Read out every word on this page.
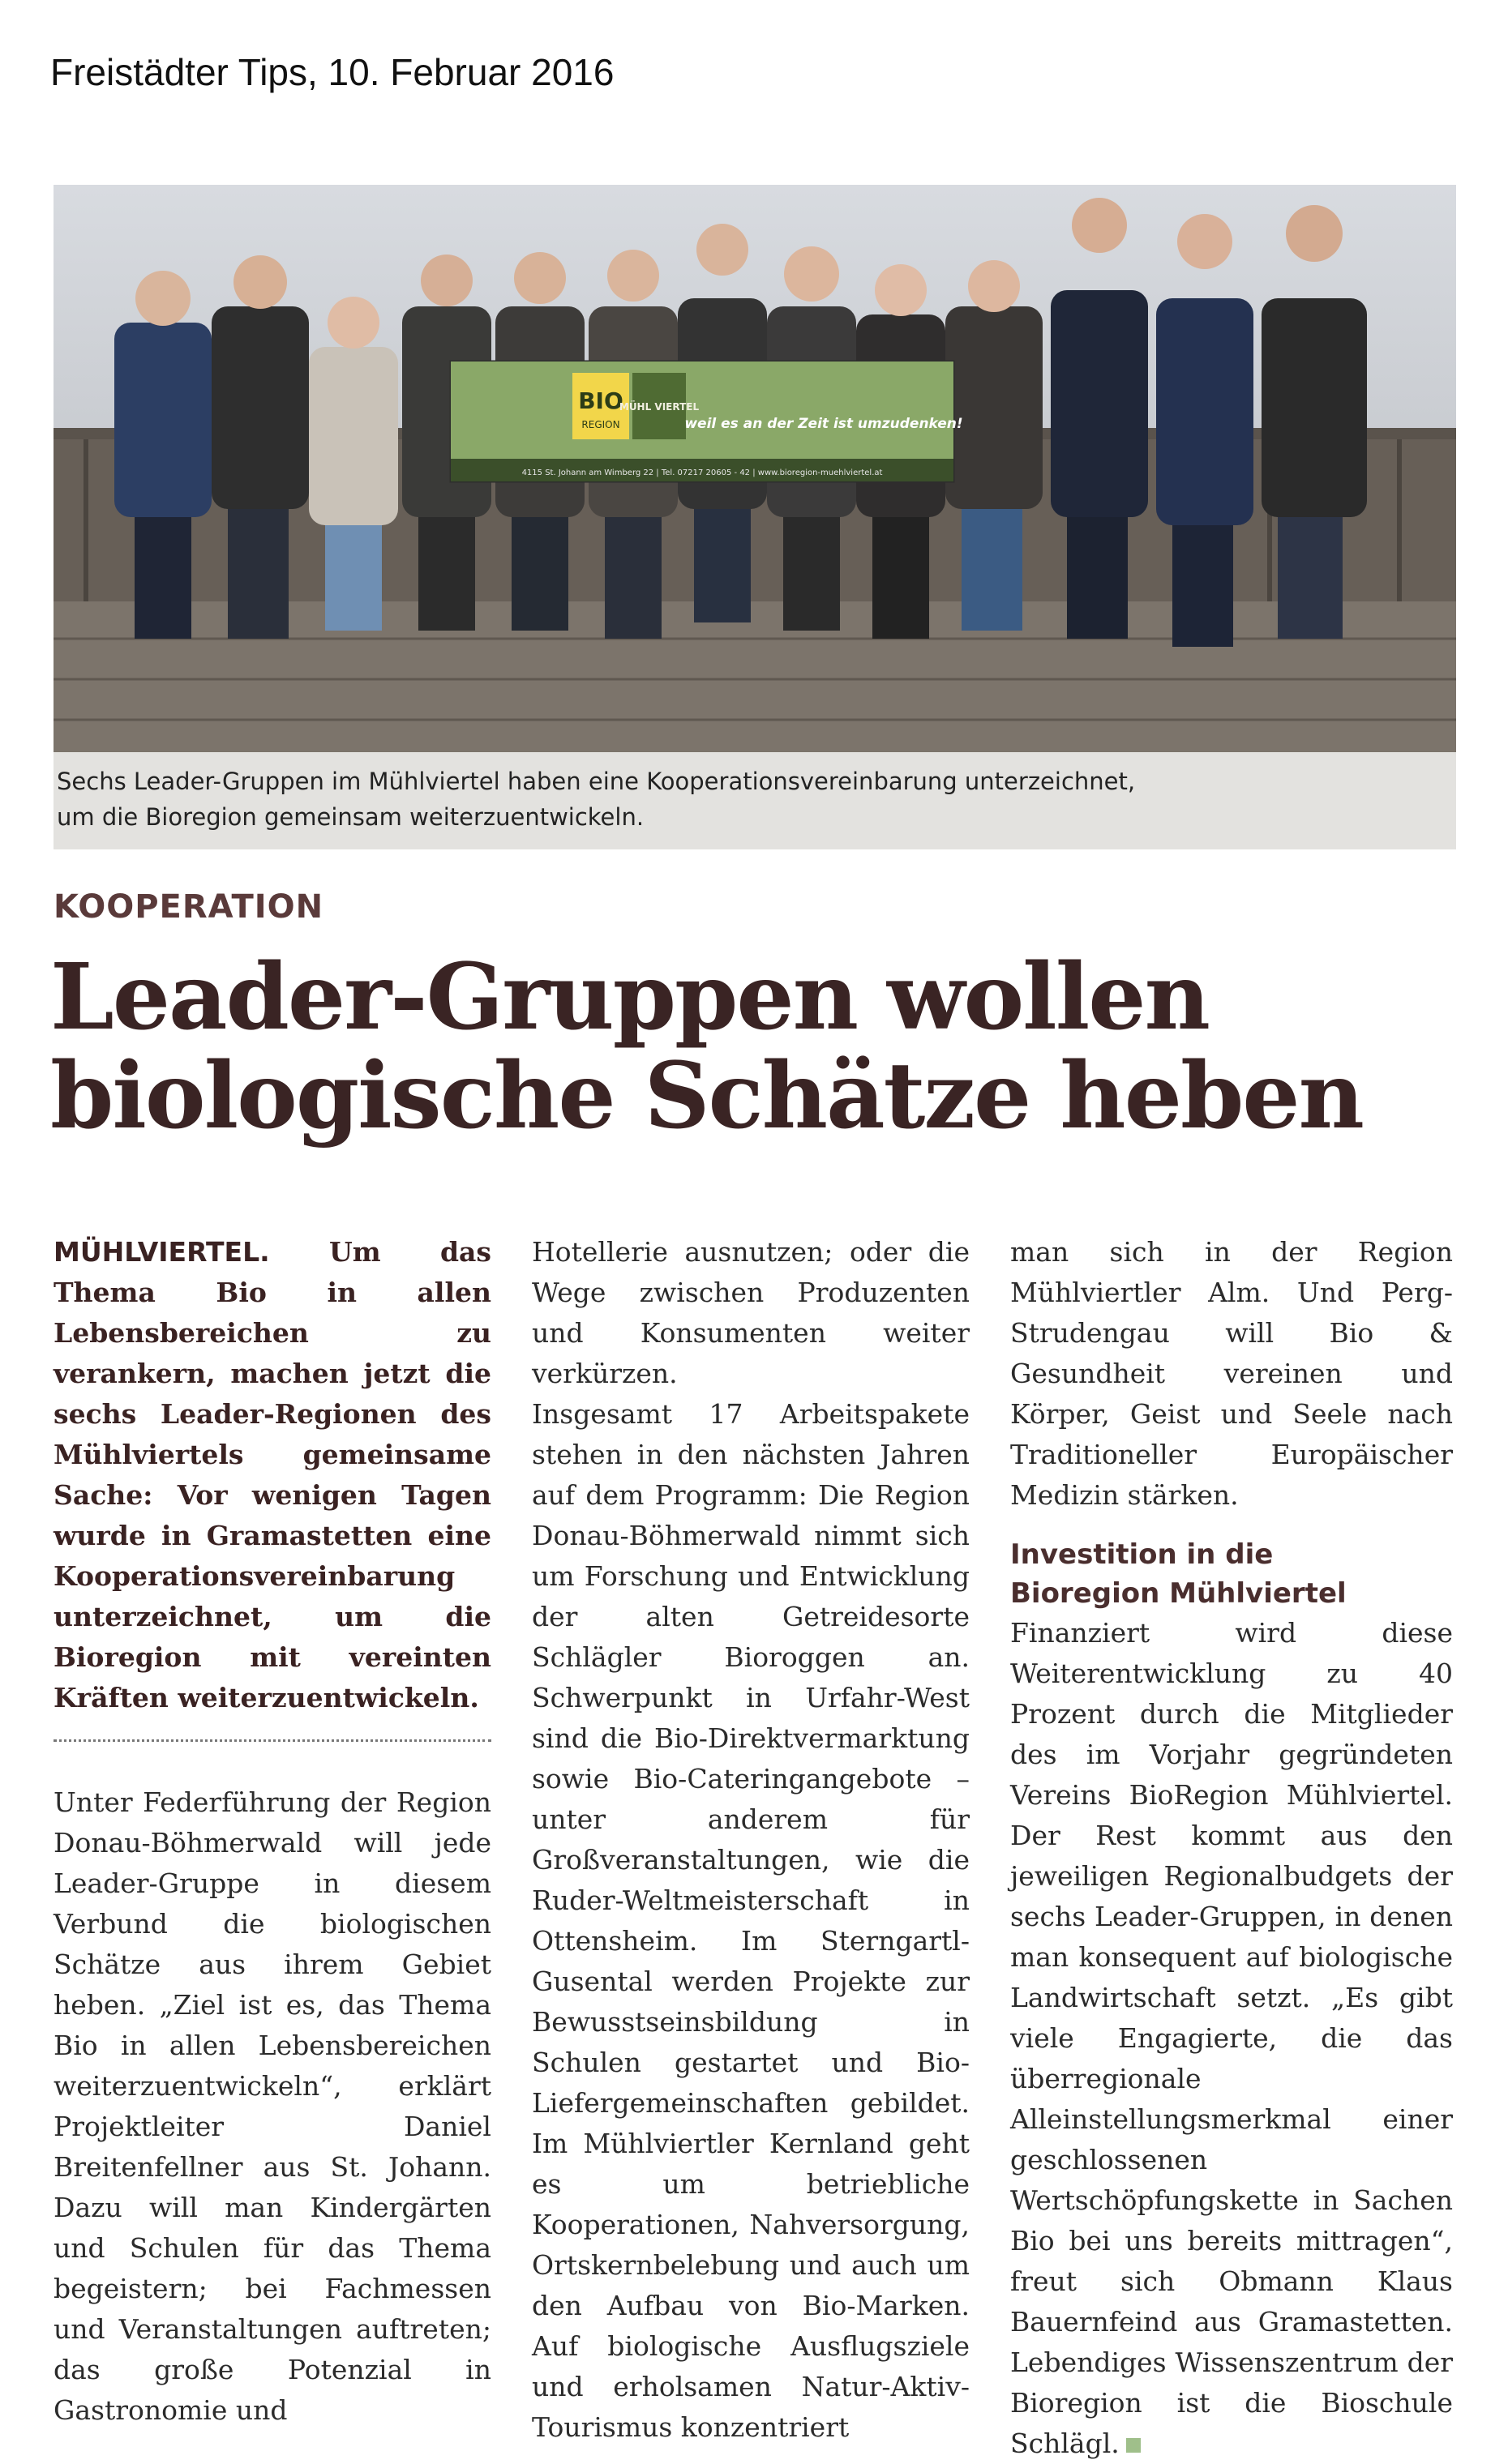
Freistädter Tips, 10. Februar 2016
BIO
REGION
MÜHL VIERTEL
weil es an der Zeit ist umzudenken!
4115 St. Johann am Wimberg 22 | Tel. 07217 20605 - 42 | www.bioregion-muehlviertel.at
Sechs Leader-Gruppen im Mühlviertel haben eine Kooperationsvereinbarung unterzeichnet,
um die Bioregion gemeinsam weiterzuentwickeln.
KOOPERATION
Leader-Gruppen wollen
biologische Schätze heben

MÜHLVIERTEL. Um das Thema Bio in allen Lebensbereichen zu verankern, machen jetzt die sechs Leader-Regionen des Mühlviertels gemeinsame Sache: Vor wenigen Tagen wurde in Gramastetten eine Kooperationsvereinbarung unterzeichnet, um die Bioregion mit vereinten Kräften weiterzuentwickeln.

Unter Federführung der Region Donau-Böhmerwald will jede Leader-Gruppe in diesem Verbund die biologischen Schätze aus ihrem Gebiet heben. „Ziel ist es, das Thema Bio in allen Lebensbereichen weiterzuentwickeln“, erklärt Projektleiter Daniel Breitenfellner aus St. Johann. Dazu will man Kindergärten und Schulen für das Thema begeistern; bei Fachmessen und Veranstaltungen auftreten; das große Potenzial in Gastronomie und

Hotellerie ausnutzen; oder die Wege zwischen Produzenten und Konsumenten weiter verkürzen.

Insgesamt 17 Arbeitspakete stehen in den nächsten Jahren auf dem Programm: Die Region Donau-Böhmerwald nimmt sich um Forschung und Entwicklung der alten Getreidesorte Schlägler Bioroggen an. Schwerpunkt in Urfahr-West sind die Bio-Direktvermarktung sowie Bio-Cateringangebote – unter anderem für Großveranstaltungen, wie die Ruder-Weltmeisterschaft in Ottensheim. Im Sterngartl-Gusental werden Projekte zur Bewusstseinsbildung in Schulen gestartet und Bio-Liefergemeinschaften gebildet. Im Mühlviertler Kernland geht es um betriebliche Kooperationen, Nahversorgung, Ortskernbelebung und auch um den Aufbau von Bio-Marken. Auf biologische Ausflugsziele und erholsamen Natur-Aktiv-Tourismus konzentriert

man sich in der Region Mühlviertler Alm. Und Perg-Strudengau will Bio & Gesundheit vereinen und Körper, Geist und Seele nach Traditioneller Europäischer Medizin stärken.

Investition in die
Bioregion Mühlviertel

Finanziert wird diese Weiterentwicklung zu 40 Prozent durch die Mitglieder des im Vorjahr gegründeten Vereins BioRegion Mühlviertel. Der Rest kommt aus den jeweiligen Regionalbudgets der sechs Leader-Gruppen, in denen man konsequent auf biologische Landwirtschaft setzt. „Es gibt viele Engagierte, die das überregionale Alleinstellungsmerkmal einer geschlossenen Wertschöpfungskette in Sachen Bio bei uns bereits mittragen“, freut sich Obmann Klaus Bauernfeind aus Gramastetten. Lebendiges Wissenszentrum der Bioregion ist die Bioschule Schlägl.
